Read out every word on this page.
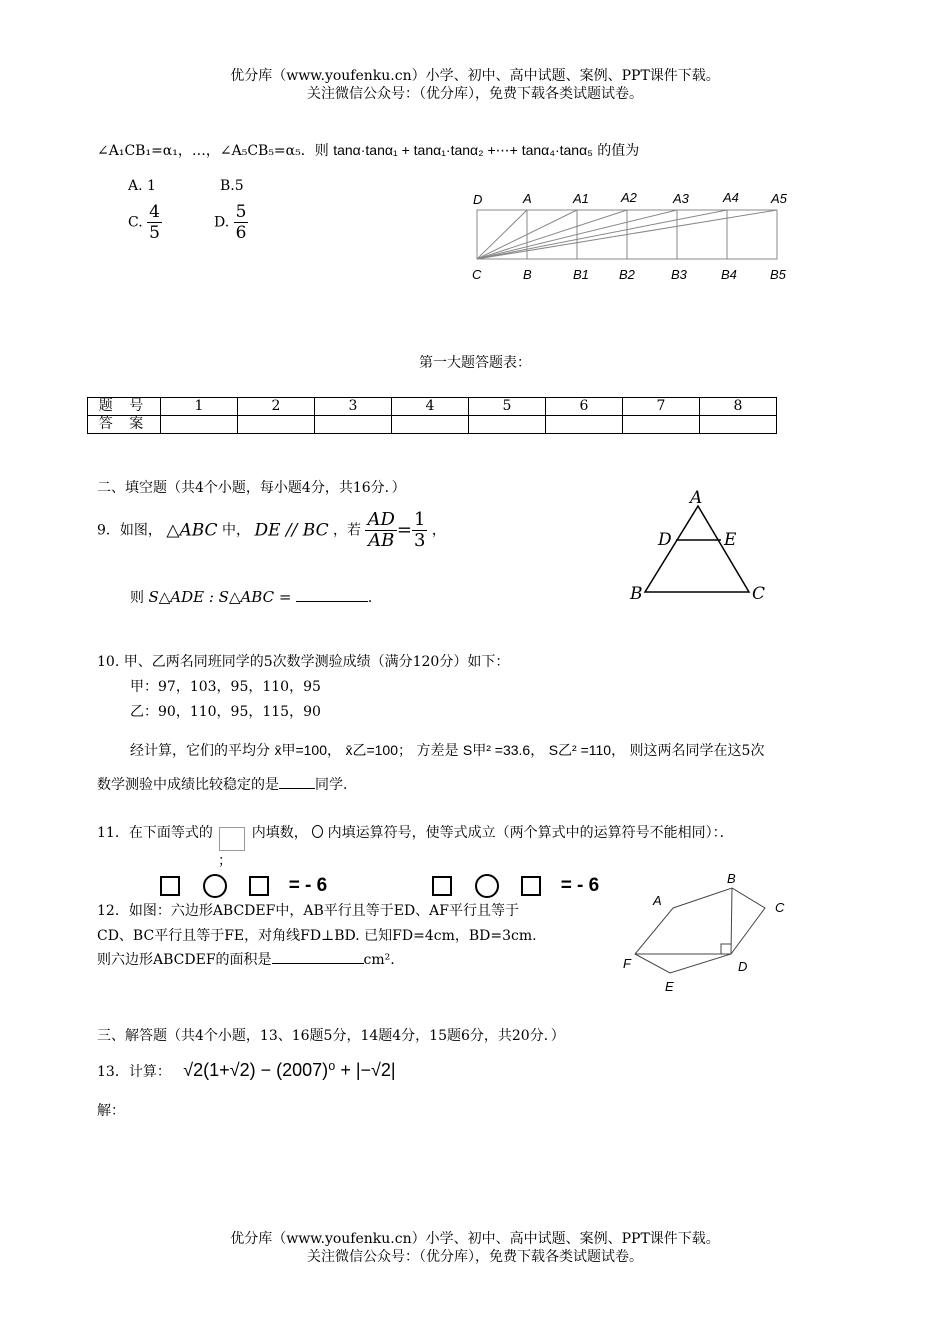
优分库（www.youfenku.cn）小学、初中、高中试题、案例、PPT课件下载。
关注微信公众号：（优分库），免费下载各类试题试卷。
∠A₁CB₁=α₁，…，∠A₅CB₅=α₅．则 tanα·tanα₁ + tanα₁·tanα₂ +⋯+ tanα₄·tanα₅ 的值为
A. 1	B.5
C. $\frac{4}{5}$	D. $\frac{5}{6}$
D	A	A1 A2	A3	A4 A5
C	B	B1 B2	B3	B4	B5
第一大题答题表：
题 号	1	2	3	4	5	6	7	8
答 案								
二、填空题（共4个小题，每小题4分，共16分．）
9．如图， △ABC 中， DE // BC ，若 $\frac{AD}{AB} = \frac{1}{3}$ ，
则 S△ADE : S△ABC =	．
A
D	E
B	C
10. 甲、乙两名同班同学的5次数学测验成绩（满分120分）如下：
甲：97，103，95，110，95
乙：90，110，95，115，90
经计算，它们的平均分 x̄甲=100， x̄乙=100； 方差是 S甲² =33.6， S乙² =110， 则这两名同学在这5次
数学测验中成绩比较稳定的是	同学.
11．在下面等式的	内填数， 内填运算符号，使等式成立（两个算式中的运算符号不能相同）：．
；
= - 6	= - 6
12．如图：六边形ABCDEF中，AB平行且等于ED、AF平行且等于
CD、BC平行且等于FE，对角线FD⊥BD. 已知FD=4cm，BD=3cm.
则六边形ABCDEF的面积是	cm².
A
B
C
D
E
F
三、解答题（共4个小题，13、16题5分，14题4分，15题6分，共20分．）
13．计算： √2(1+√2) − (2007)⁰ + |−√2|
解：
优分库（www.youfenku.cn）小学、初中、高中试题、案例、PPT课件下载。
关注微信公众号：（优分库），免费下载各类试题试卷。
